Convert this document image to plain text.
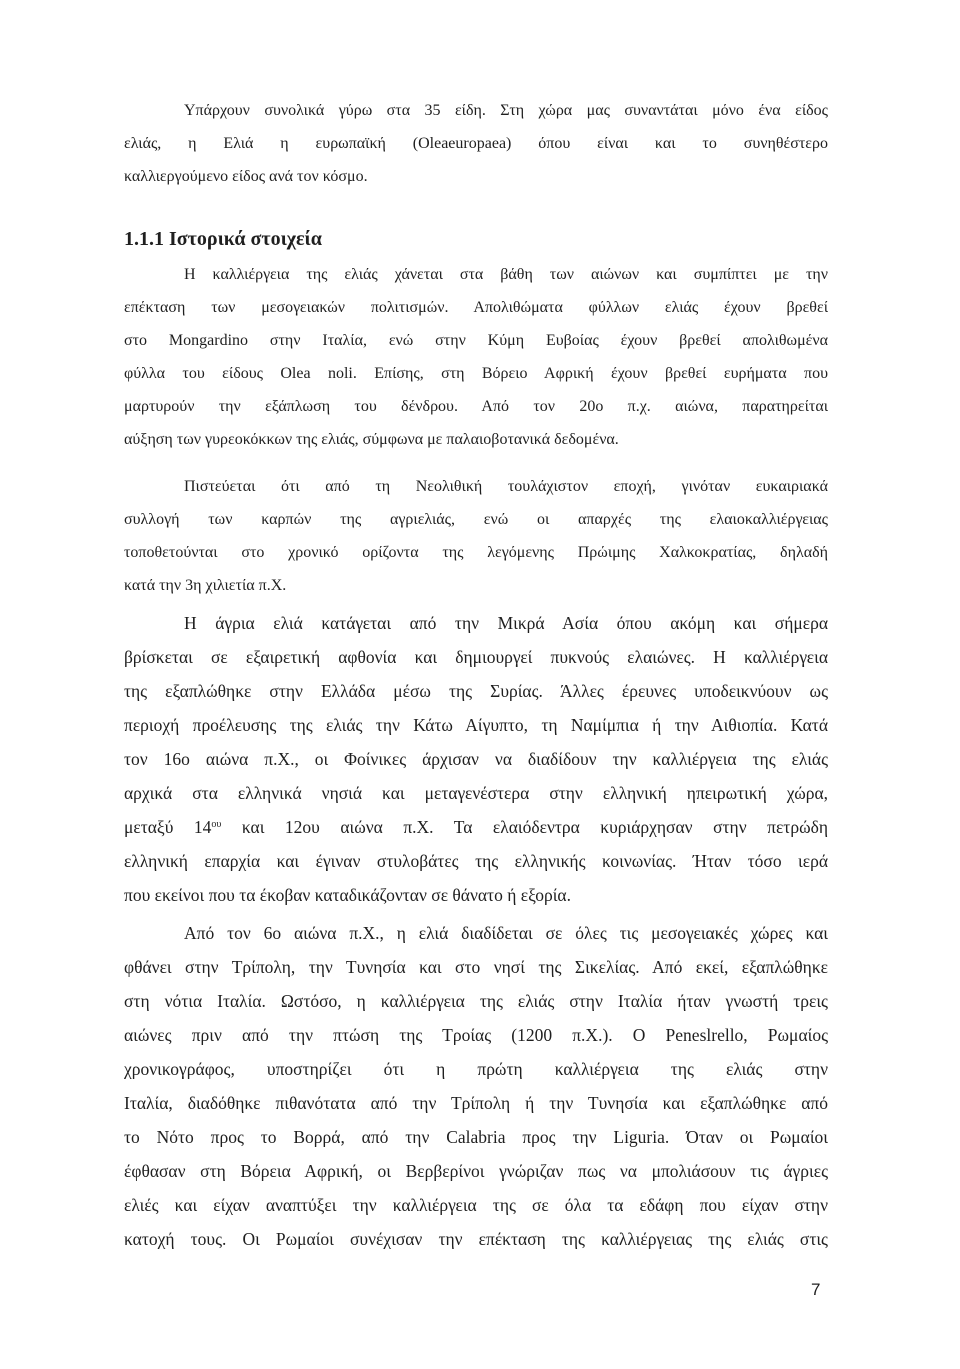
Υπάρχουν συνολικά γύρω στα 35 είδη. Στη χώρα μας συναντάται μόνο ένα είδος
ελιάς, η Ελιά η ευρωπαϊκή (Oleaeuropaea) όπου είναι και το συνηθέστερο
καλλιεργούμενο είδος ανά τον κόσμο.
1.1.1 Ιστορικά στοιχεία
Η καλλιέργεια της ελιάς χάνεται στα βάθη των αιώνων και συμπίπτει με την
επέκταση των μεσογειακών πολιτισμών. Απολιθώματα φύλλων ελιάς έχουν βρεθεί
στο Mongardino στην Ιταλία, ενώ στην Κύμη Ευβοίας έχουν βρεθεί απολιθωμένα
φύλλα του είδους Olea noli. Επίσης, στη Βόρειο Αφρική έχουν βρεθεί ευρήματα που
μαρτυρούν την εξάπλωση του δένδρου. Από τον 20ο π.χ. αιώνα, παρατηρείται
αύξηση των γυρεοκόκκων της ελιάς, σύμφωνα με παλαιοβοτανικά δεδομένα.
Πιστεύεται ότι από τη Νεολιθική τουλάχιστον εποχή, γινόταν ευκαιριακά
συλλογή των καρπών της αγριελιάς, ενώ οι απαρχές της ελαιοκαλλιέργειας
τοποθετούνται στο χρονικό ορίζοντα της λεγόμενης Πρώιμης Χαλκοκρατίας, δηλαδή
κατά την 3η χιλιετία π.Χ.
Η άγρια ελιά κατάγεται από την Μικρά Ασία όπου ακόμη και σήμερα
βρίσκεται σε εξαιρετική αφθονία και δημιουργεί πυκνούς ελαιώνες. Η καλλιέργεια
της εξαπλώθηκε στην Ελλάδα μέσω της Συρίας. Άλλες έρευνες υποδεικνύουν ως
περιοχή προέλευσης της ελιάς την Κάτω Αίγυπτο, τη Ναμίμπια ή την Αιθιοπία. Κατά
τον 16ο αιώνα π.Χ., οι Φοίνικες άρχισαν να διαδίδουν την καλλιέργεια της ελιάς
αρχικά στα ελληνικά νησιά και μεταγενέστερα στην ελληνική ηπειρωτική χώρα,
μεταξύ $14^{o\upsilon}$ και 12ου αιώνα π.Χ. Τα ελαιόδεντρα κυριάρχησαν στην πετρώδη
ελληνική επαρχία και έγιναν στυλοβάτες της ελληνικής κοινωνίας. Ήταν τόσο ιερά
που εκείνοι που τα έκοβαν καταδικάζονταν σε θάνατο ή εξορία.
Από τον 6ο αιώνα π.Χ., η ελιά διαδίδεται σε όλες τις μεσογειακές χώρες και
φθάνει στην Τρίπολη, την Τυνησία και στο νησί της Σικελίας. Από εκεί, εξαπλώθηκε
στη νότια Ιταλία. Ωστόσο, η καλλιέργεια της ελιάς στην Ιταλία ήταν γνωστή τρεις
αιώνες πριν από την πτώση της Τροίας (1200 π.Χ.). Ο Peneslrello, Ρωμαίος
χρονικογράφος, υποστηρίζει ότι η πρώτη καλλιέργεια της ελιάς στην
Ιταλία, διαδόθηκε πιθανότατα από την Τρίπολη ή την Τυνησία και εξαπλώθηκε από
το Νότο προς το Βορρά, από την Calabria προς την Liguria. Όταν οι Ρωμαίοι
έφθασαν στη Βόρεια Αφρική, οι Βερβερίνοι γνώριζαν πως να μπολιάσουν τις άγριες
ελιές και είχαν αναπτύξει την καλλιέργεια της σε όλα τα εδάφη που είχαν στην
κατοχή τους. Οι Ρωμαίοι συνέχισαν την επέκταση της καλλιέργειας της ελιάς στις

7
